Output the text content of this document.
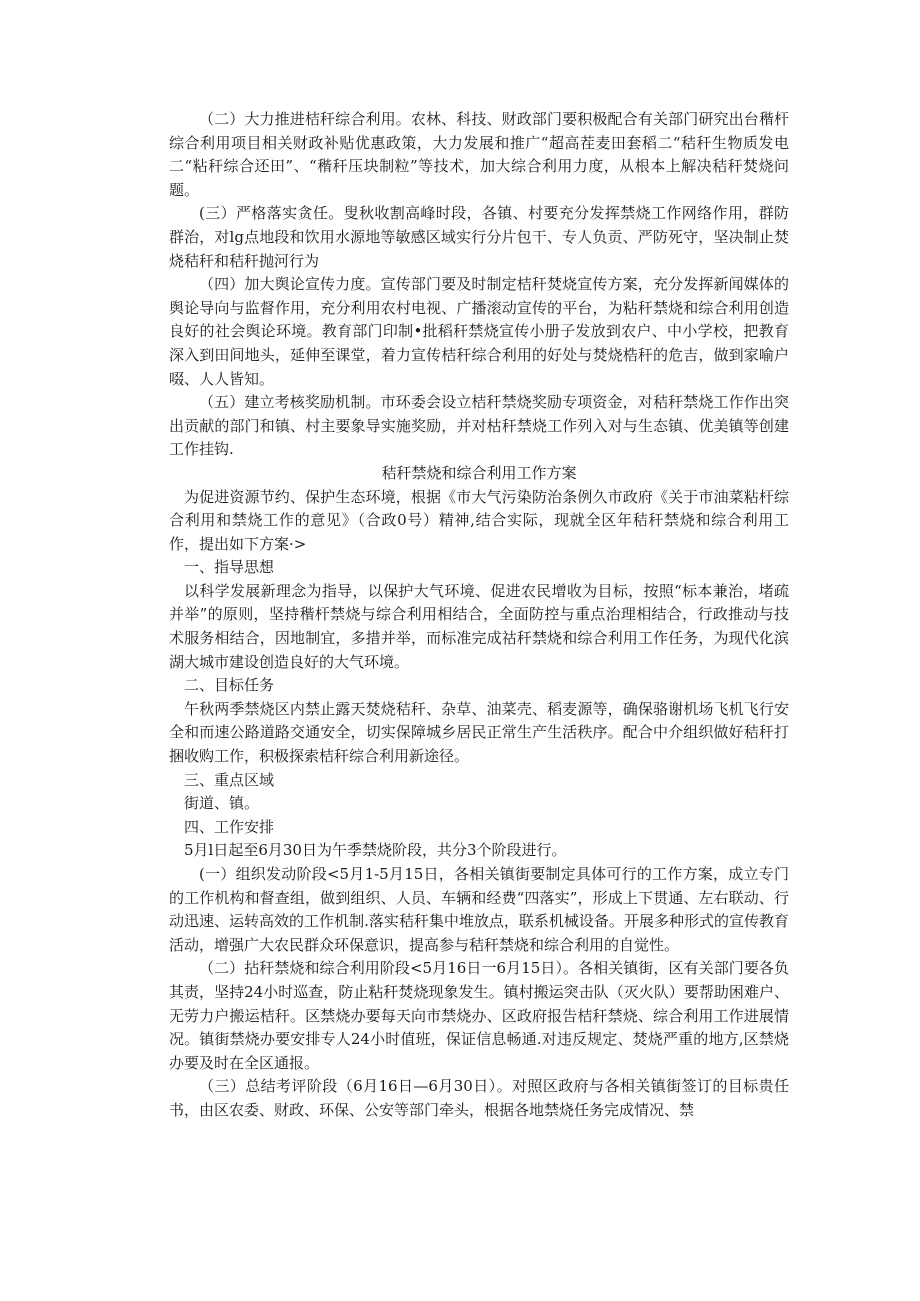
（二）大力推进桔秆综合利用。农林、科技、财政部门要积极配合有关部门研究出台稭杆综合利用项目相关财政补贴优惠政策，大力发展和推广“超高茬麦田套稻二“秸秆生物质发电二“粘秆综合还田”、“稭秆压块制粒”等技术，加大综合利用力度，从根本上解决秸秆焚烧问题。

(三）严格落实贪任。叟秋收割高峰时段，各镇、村要充分发挥禁烧工作网络作用，群防群治，对lg点地段和饮用水源地等敏感区域实行分片包干、专人负贡、严防死守，坚决制止焚烧秸秆和秸秆抛河行为

（四）加大舆论宣传力度。宣传部门要及时制定桔秆焚烧宣传方案，充分发挥新闻媒体的舆论导向与监督作用，充分利用农村电视、广播滚动宣传的平台，为粘秆禁烧和综合利用创造良好的社会舆论环境。教育部门印制•批稻秆禁烧宣传小册子发放到农户、中小学校，把教育深入到田间地头，延伸至课堂，着力宣传桔秆综合利用的好处与焚烧梏秆的危吉，做到家喻户啜、人人皆知。

（五）建立考核奖励机制。市环委会设立桔秆禁烧奖励专项资金，对秸秆禁烧工作作出突出贡献的部门和镇、村主要象导实施奖励，并对枯秆禁烧工作列入对与生态镇、优美镇等创建工作挂钩.

秸秆禁烧和综合利用工作方案

为促进资源节约、保护生态环境，根据《市大气污染防治条例久市政府《关于市油菜粘杆综合利用和禁烧工作的意见》（合政0号）精神,结合实际，现就全区年秸秆禁烧和综合利用工作，提出如下方案·>

一、指导思想

以科学发展新理念为指导，以保护大气环境、促进农民增收为目标，按照“标本兼治，堵疏并举”的原则，坚持稭杆禁烧与综合利用相结合，全面防控与重点治理相结合，行政推动与技术服务相结合，因地制宜，多措并举，而标准完成祜秆禁烧和综合利用工作任务，为现代化滨湖大城市建设创造良好的大气环境。

二、目标任务

午秋两季禁烧区内禁止露天焚烧秸秆、杂草、油菜壳、稻麦源等，确保骆谢机场飞机飞行安全和而速公路道路交通安全，切实保障城乡居民正常生产生活秩序。配合中介组织做好秸秆打捆收购工作，积极探索桔秆综合利用新途径。

三、重点区域

街道、镇。

四、工作安排

5月l日起至6月30日为午季禁烧阶段，共分3个阶段进行。

(一）组织发动阶段<5月1-5月15日，各相关镇街要制定具体可行的工作方案，成立专门的工作机构和督查组，做到组织、人员、车辆和经费“四落实”，形成上下贯通、左右联动、行动迅速、运转高效的工作机制.落实秸秆集中堆放点，联系机械设备。开展多种形式的宣传教育活动，增强广大农民群众环保意识，提高参与秸秆禁烧和综合利用的自觉性。

（二）拈秆禁烧和综合利用阶段<5月16日一6月15日）。各相关镇街，区有关部门要各负其责，坚持24小时巡查，防止粘秆焚烧现象发生。镇村搬运突击队（灭火队）要帮助困难户、无劳力户搬运桔秆。区禁烧办要每天向市禁烧办、区政府报告桔秆禁烧、综合利用工作进展情况。镇街禁烧办要安排专人24小时值班，保证信息畅通.对违反规定、焚烧严重的地方,区禁烧办要及时在全区通报。

（三）总结考评阶段（6月16日—6月30日）。对照区政府与各相关镇街签订的目标贵任书，由区农委、财政、环保、公安等部门牵头，根据各地禁烧任务完成情况、禁
